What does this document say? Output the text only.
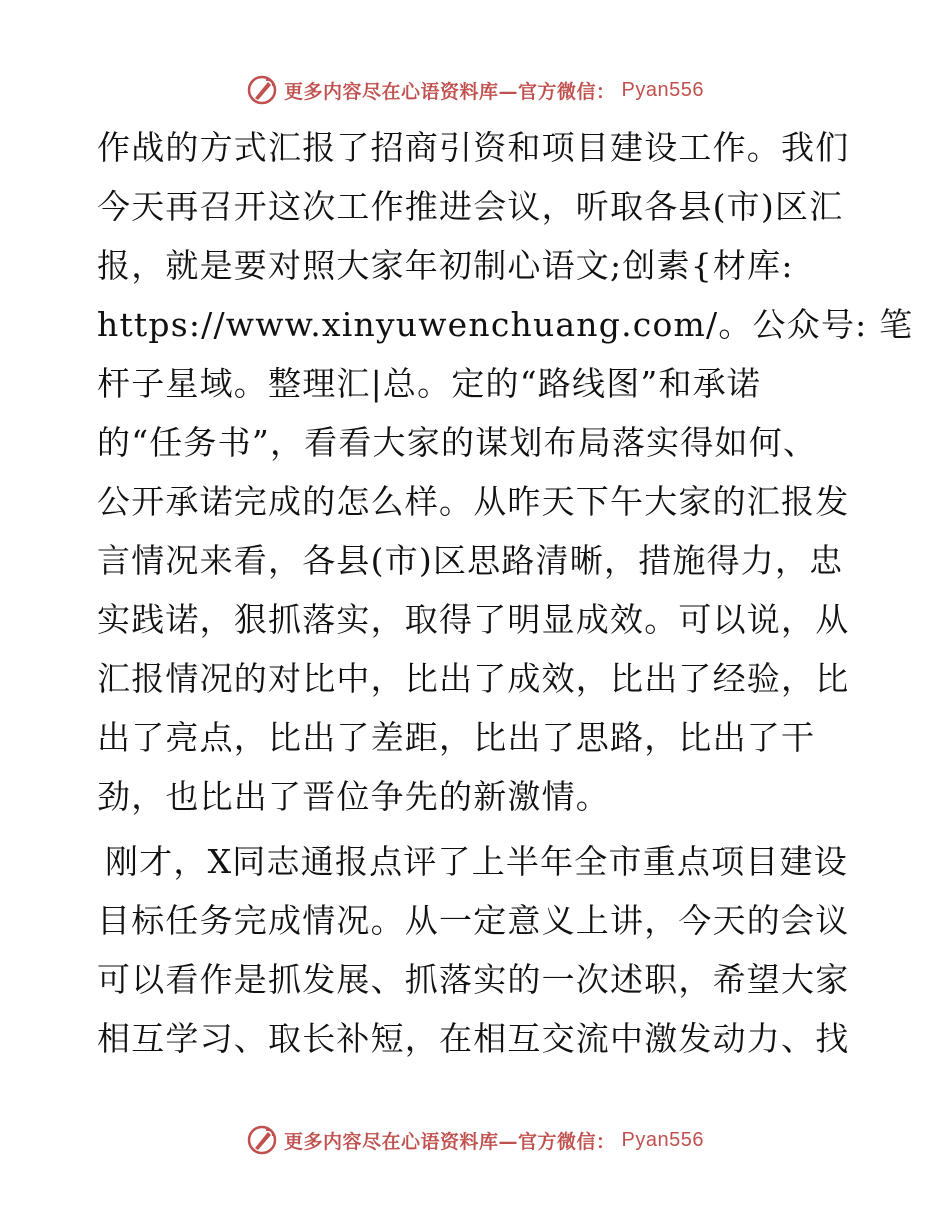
更多内容尽在心语资料库—官方微信： Pyan556
作战的方式汇报了招商引资和项目建设工作。我们
今天再召开这次工作推进会议，听取各县(市)区汇
报，就是要对照大家年初制心语文;创素{材库:
https://www.xinyuwenchuang.com/。公众号: 笔
杆子星域。整理汇|总。定的“路线图”和承诺
的“任务书”，看看大家的谋划布局落实得如何、
公开承诺完成的怎么样。从昨天下午大家的汇报发
言情况来看，各县(市)区思路清晰，措施得力，忠
实践诺，狠抓落实，取得了明显成效。可以说，从
汇报情况的对比中，比出了成效，比出了经验，比
出了亮点，比出了差距，比出了思路，比出了干
劲，也比出了晋位争先的新激情。
刚才，X同志通报点评了上半年全市重点项目建设
目标任务完成情况。从一定意义上讲，今天的会议
可以看作是抓发展、抓落实的一次述职，希望大家
相互学习、取长补短，在相互交流中激发动力、找
更多内容尽在心语资料库—官方微信： Pyan556
